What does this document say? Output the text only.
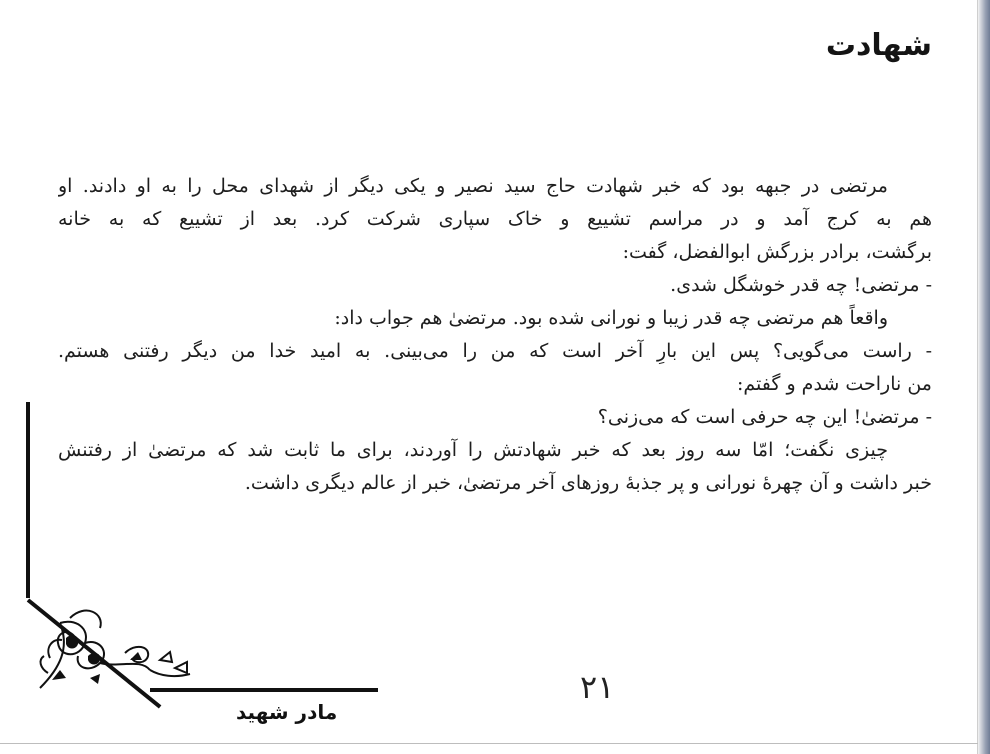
شهادت
مرتضی در جبهه بود که خبر شهادت حاج سید نصیر و یکی دیگر از شهدای محل را به او دادند. او
هم به کرج آمد و در مراسم تشییع و خاک سپاری شرکت کرد. بعد از تشییع که به خانه
برگشت، برادر بزرگش ابوالفضل، گفت:
- مرتضی! چه قدر خوشگل شدی.
واقعاً هم مرتضی چه قدر زیبا و نورانی شده بود. مرتضیٰ هم جواب داد:
- راست می‌گویی؟ پس این بارِ آخر است که من را می‌بینی. به امید خدا من دیگر رفتنی هستم.
من ناراحت شدم و گفتم:
- مرتضیٰ! این چه حرفی است که می‌زنی؟
چیزی نگفت؛ امّا سه روز بعد که خبر شهادتش را آوردند، برای ما ثابت شد که مرتضیٰ از رفتنش
خبر داشت و آن چهرهٔ نورانی و پر جذبهٔ روزهای آخر مرتضیٰ، خبر از عالم دیگری داشت.
۲۱
مادر شهید
